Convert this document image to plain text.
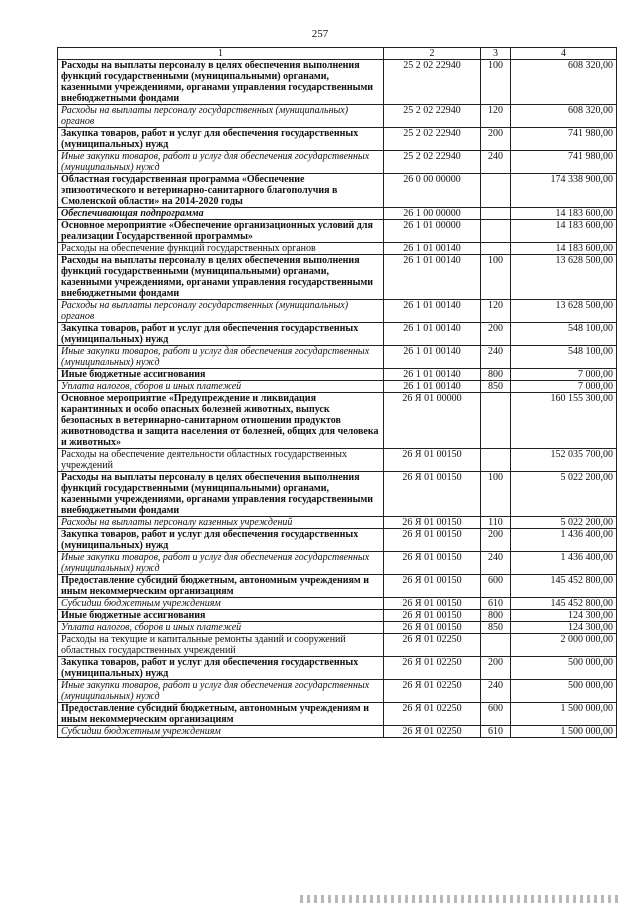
257
1	2	3	4
Расходы на выплаты персоналу в целях обеспечения выполнения функций государственными (муниципальными) органами, казенными учреждениями, органами управления государственными внебюджетными фондами	25 2 02 22940	100	608 320,00
Расходы на выплаты персоналу государственных (муниципальных) органов	25 2 02 22940	120	608 320,00
Закупка товаров, работ и услуг для обеспечения государственных (муниципальных) нужд	25 2 02 22940	200	741 980,00
Иные закупки товаров, работ и услуг для обеспечения государственных (муниципальных) нужд	25 2 02 22940	240	741 980,00
Областная государственная программа «Обеспечение эпизоотического и ветеринарно-санитарного благополучия в Смоленской области» на 2014-2020 годы	26 0 00 00000		174 338 900,00
Обеспечивающая подпрограмма	26 1 00 00000		14 183 600,00
Основное мероприятие «Обеспечение организационных условий для реализации Государственной программы»	26 1 01 00000		14 183 600,00
Расходы на обеспечение функций государственных органов	26 1 01 00140		14 183 600,00
Расходы на выплаты персоналу в целях обеспечения выполнения функций государственными (муниципальными) органами, казенными учреждениями, органами управления государственными внебюджетными фондами	26 1 01 00140	100	13 628 500,00
Расходы на выплаты персоналу государственных (муниципальных) органов	26 1 01 00140	120	13 628 500,00
Закупка товаров, работ и услуг для обеспечения государственных (муниципальных) нужд	26 1 01 00140	200	548 100,00
Иные закупки товаров, работ и услуг для обеспечения государственных (муниципальных) нужд	26 1 01 00140	240	548 100,00
Иные бюджетные ассигнования	26 1 01 00140	800	7 000,00
Уплата налогов, сборов и иных платежей	26 1 01 00140	850	7 000,00
Основное мероприятие «Предупреждение и ликвидация карантинных и особо опасных болезней животных, выпуск безопасных в ветеринарно-санитарном отношении продуктов животноводства и защита населения от болезней, общих для человека и животных»	26 Я 01 00000		160 155 300,00
Расходы на обеспечение деятельности областных государственных учреждений	26 Я 01 00150		152 035 700,00
Расходы на выплаты персоналу в целях обеспечения выполнения функций государственными (муниципальными) органами, казенными учреждениями, органами управления государственными внебюджетными фондами	26 Я 01 00150	100	5 022 200,00
Расходы на выплаты персоналу казенных учреждений	26 Я 01 00150	110	5 022 200,00
Закупка товаров, работ и услуг для обеспечения государственных (муниципальных) нужд	26 Я 01 00150	200	1 436 400,00
Иные закупки товаров, работ и услуг для обеспечения государственных (муниципальных) нужд	26 Я 01 00150	240	1 436 400,00
Предоставление субсидий бюджетным, автономным учреждениям и иным некоммерческим организациям	26 Я 01 00150	600	145 452 800,00
Субсидии бюджетным учреждениям	26 Я 01 00150	610	145 452 800,00
Иные бюджетные ассигнования	26 Я 01 00150	800	124 300,00
Уплата налогов, сборов и иных платежей	26 Я 01 00150	850	124 300,00
Расходы на текущие и капитальные ремонты зданий и сооружений областных государственных учреждений	26 Я 01 02250		2 000 000,00
Закупка товаров, работ и услуг для обеспечения государственных (муниципальных) нужд	26 Я 01 02250	200	500 000,00
Иные закупки товаров, работ и услуг для обеспечения государственных (муниципальных) нужд	26 Я 01 02250	240	500 000,00
Предоставление субсидий бюджетным, автономным учреждениям и иным некоммерческим организациям	26 Я 01 02250	600	1 500 000,00
Субсидии бюджетным учреждениям	26 Я 01 02250	610	1 500 000,00
